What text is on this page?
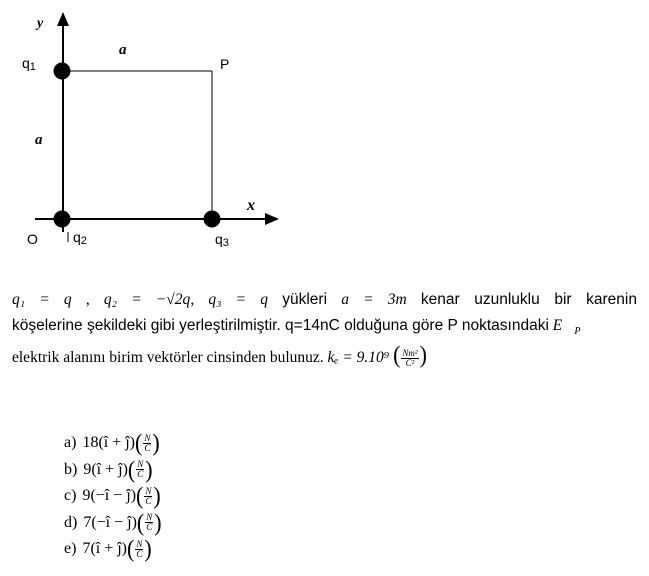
y
x
a
a
P
O
q1
q2	q3
q₁ = q , q₂ = −√2q, q₃ = q yükleri a = 3m kenar uzunluklu bir karenin
köşelerine şekildeki gibi yerleştirilmiştir. q=14nC olduğuna göre P noktasındaki $E⃗_P$
elektrik alanını birim vektörler cinsinden bulunuz. kₑ = 9.10⁹ ( $\frac{\text{Nm²}}{\text{C²}}$ )
a) 18(î + ĵ) ( $\frac{N}{C}$ )
b) 9(î + ĵ) ( $\frac{N}{C}$ )
c) 9(−î − ĵ) ( $\frac{N}{C}$ )
d) 7(−î − ĵ) ( $\frac{N}{C}$ )
e) 7(î + ĵ) ( $\frac{N}{C}$ )
